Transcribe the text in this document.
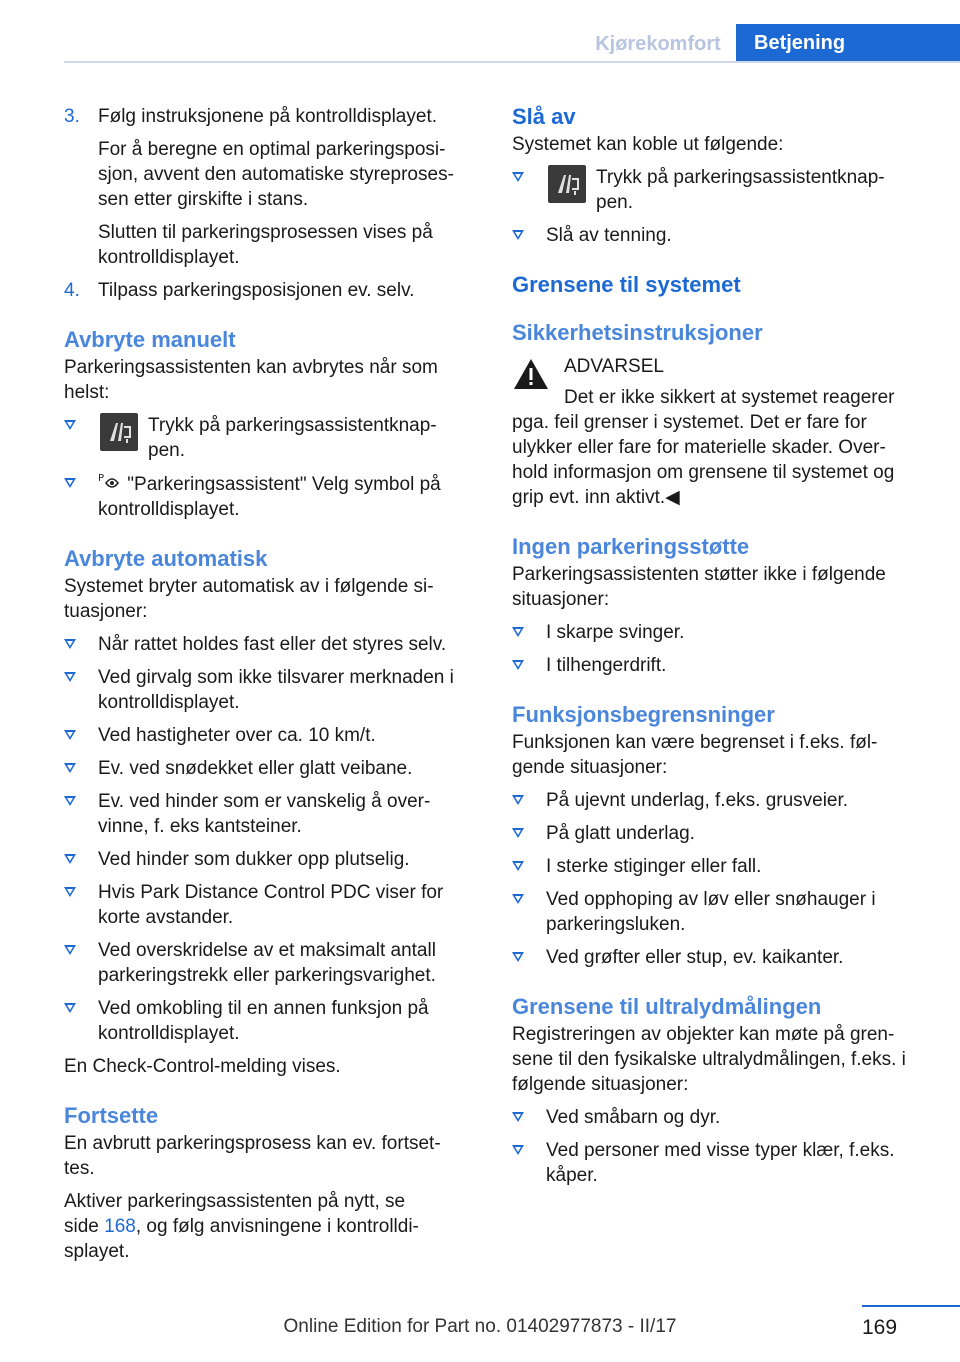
Kjørekomfort	Betjening

3. Følg instruksjonene på kontrolldisplayet.

For å beregne en optimal parkeringsposi-
sjon, avvent den automatiske styreproses-
sen etter girskifte i stans.

Slutten til parkeringsprosessen vises på
kontrolldisplayet.

4. Tilpass parkeringsposisjonen ev. selv.

Avbryte manuelt

Parkeringsassistenten kan avbrytes når som
helst:

Trykk på parkeringsassistentknap-
pen.
P "Parkeringsassistent" Velg symbol på
kontrolldisplayet.

Avbryte automatisk

Systemet bryter automatisk av i følgende si-
tuasjoner:

Når rattet holdes fast eller det styres selv.
Ved girvalg som ikke tilsvarer merknaden i
kontrolldisplayet.
Ved hastigheter over ca. 10 km/t.
Ev. ved snødekket eller glatt veibane.
Ev. ved hinder som er vanskelig å over-
vinne, f. eks kantsteiner.
Ved hinder som dukker opp plutselig.
Hvis Park Distance Control PDC viser for
korte avstander.
Ved overskridelse av et maksimalt antall
parkeringstrekk eller parkeringsvarighet.
Ved omkobling til en annen funksjon på
kontrolldisplayet.

En Check-Control-melding vises.

Fortsette

En avbrutt parkeringsprosess kan ev. fortset-
tes.

Aktiver parkeringsassistenten på nytt, se
side 168, og følg anvisningene i kontrolldi-
splayet.

Slå av

Systemet kan koble ut følgende:

Trykk på parkeringsassistentknap-
pen.
Slå av tenning.

Grensene til systemet

Sikkerhetsinstruksjoner

ADVARSEL

Det er ikke sikkert at systemet reagerer

pga. feil grenser i systemet. Det er fare for
ulykker eller fare for materielle skader. Over-
hold informasjon om grensene til systemet og
grip evt. inn aktivt.◀

Ingen parkeringsstøtte

Parkeringsassistenten støtter ikke i følgende
situasjoner:

I skarpe svinger.
I tilhengerdrift.

Funksjonsbegrensninger

Funksjonen kan være begrenset i f.eks. føl-
gende situasjoner:

På ujevnt underlag, f.eks. grusveier.
På glatt underlag.
I sterke stiginger eller fall.
Ved opphoping av løv eller snøhauger i
parkeringsluken.
Ved grøfter eller stup, ev. kaikanter.

Grensene til ultralydmålingen

Registreringen av objekter kan møte på gren-
sene til den fysikalske ultralydmålingen, f.eks. i
følgende situasjoner:

Ved småbarn og dyr.
Ved personer med visse typer klær, f.eks.
kåper.
169
Online Edition for Part no. 01402977873 - II/17
